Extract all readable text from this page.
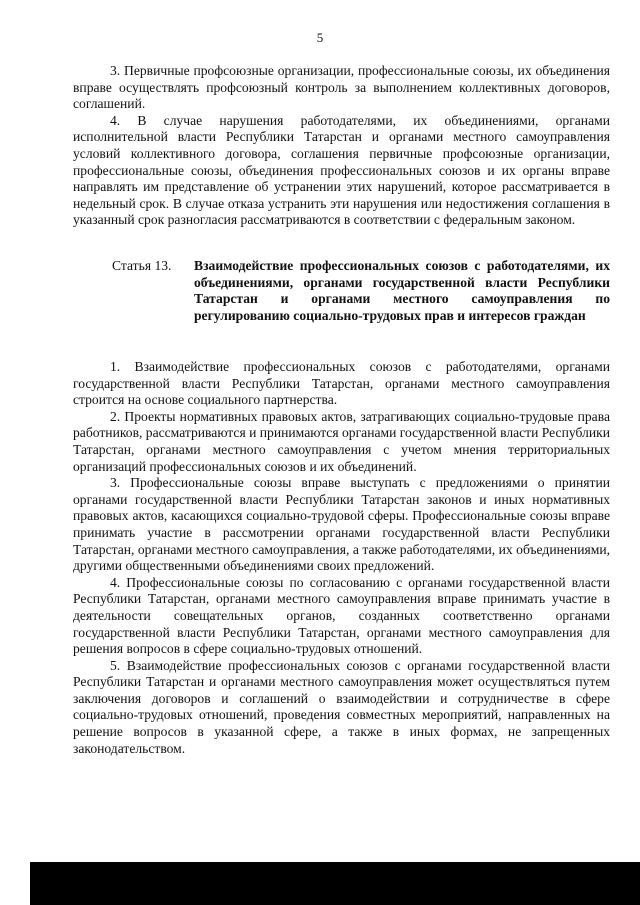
5

3. Первичные профсоюзные организации, профессиональные союзы, их объединения вправе осуществлять профсоюзный контроль за выполнением коллективных договоров, соглашений.

4. В случае нарушения работодателями, их объединениями, органами исполнительной власти Республики Татарстан и органами местного самоуправления условий коллективного договора, соглашения первичные профсоюзные организации, профессиональные союзы, объединения профессиональных союзов и их органы вправе направлять им представление об устранении этих нарушений, которое рассматривается в недельный срок. В случае отказа устранить эти нарушения или недостижения соглашения в указанный срок разногласия рассматриваются в соответствии с федеральным законом.

Статья 13. Взаимодействие профессиональных союзов с работодателями, их объединениями, органами государственной власти Республики Татарстан и органами местного самоуправления по регулированию социально-трудовых прав и интересов граждан

1. Взаимодействие профессиональных союзов с работодателями, органами государственной власти Республики Татарстан, органами местного самоуправления строится на основе социального партнерства.

2. Проекты нормативных правовых актов, затрагивающих социально-трудовые права работников, рассматриваются и принимаются органами государственной власти Республики Татарстан, органами местного самоуправления с учетом мнения территориальных организаций профессиональных союзов и их объединений.

3. Профессиональные союзы вправе выступать с предложениями о принятии органами государственной власти Республики Татарстан законов и иных нормативных правовых актов, касающихся социально-трудовой сферы. Профессиональные союзы вправе принимать участие в рассмотрении органами государственной власти Республики Татарстан, органами местного самоуправления, а также работодателями, их объединениями, другими общественными объединениями своих предложений.

4. Профессиональные союзы по согласованию с органами государственной власти Республики Татарстан, органами местного самоуправления вправе принимать участие в деятельности совещательных органов, созданных соответственно органами государственной власти Республики Татарстан, органами местного самоуправления для решения вопросов в сфере социально-трудовых отношений.

5. Взаимодействие профессиональных союзов с органами государственной власти Республики Татарстан и органами местного самоуправления может осуществляться путем заключения договоров и соглашений о взаимодействии и сотрудничестве в сфере социально-трудовых отношений, проведения совместных мероприятий, направленных на решение вопросов в указанной сфере, а также в иных формах, не запрещенных законодательством.
